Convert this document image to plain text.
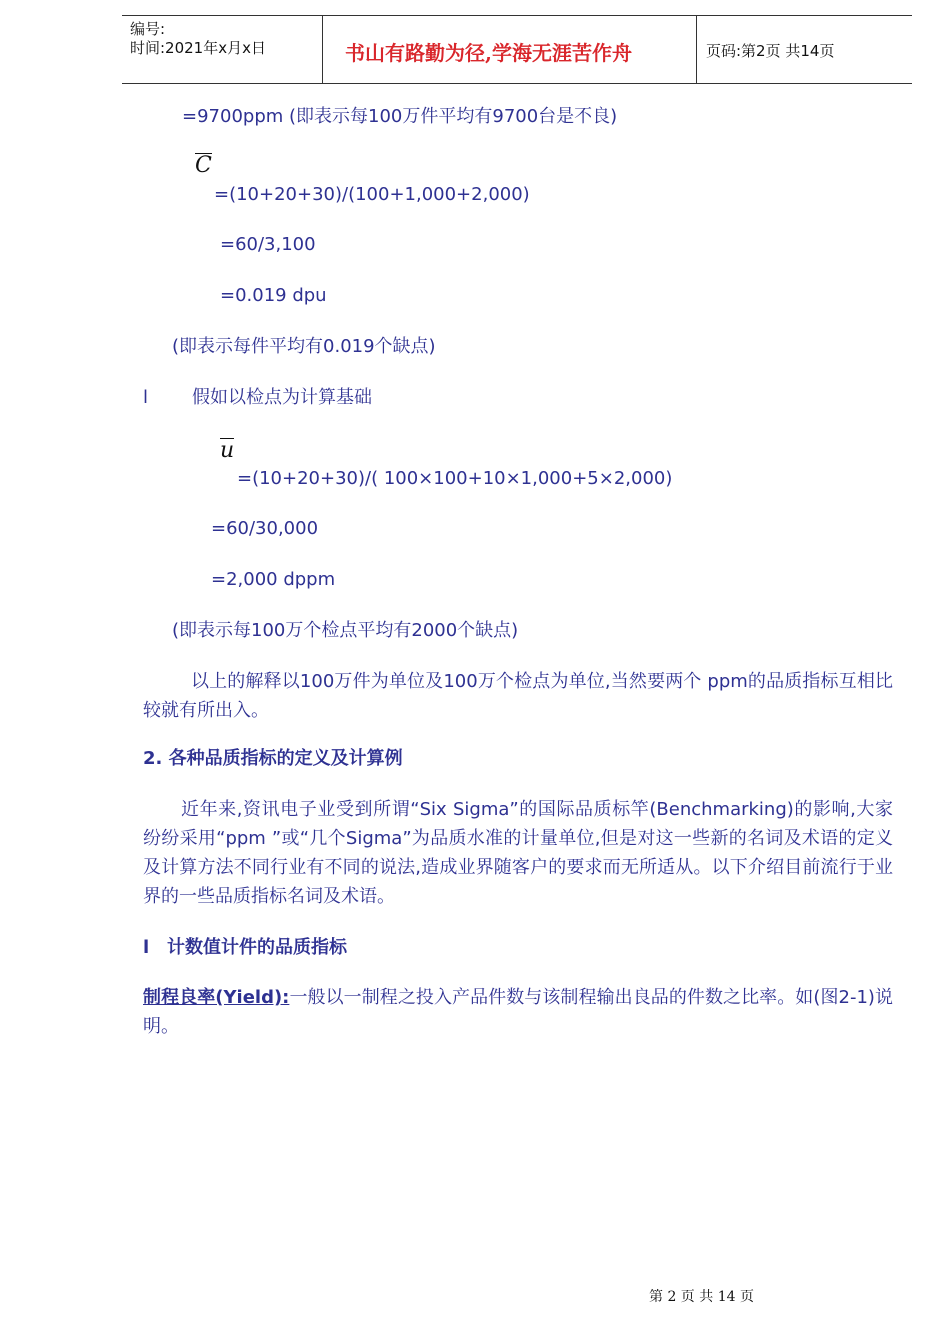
编号:
时间:2021年x月x日	书山有路勤为径,学海无涯苦作舟	页码:第2页 共14页
=9700ppm (即表示每100万件平均有9700台是不良)
C
=(10+20+30)/(100+1,000+2,000)
=60/3,100
=0.019 dpu
(即表示每件平均有0.019个缺点)
l 假如以检点为计算基础
u
=(10+20+30)/( 100×100+10×1,000+5×2,000)
=60/30,000
=2,000 dppm
(即表示每100万个检点平均有2000个缺点)
以上的解释以100万件为单位及100万个检点为单位,当然要两个 ppm的品质指标互相比较就有所出入。
2. 各种品质指标的定义及计算例
近年来,资讯电子业受到所谓“Six Sigma”的国际品质标竿(Benchmarking)的影响,大家纷纷采用“ppm ”或“几个Sigma”为品质水准的计量单位,但是对这一些新的名词及术语的定义及计算方法不同行业有不同的说法,造成业界随客户的要求而无所适从。以下介绍目前流行于业界的一些品质指标名词及术语。
l 计数值计件的品质指标
制程良率(Yield):一般以一制程之投入产品件数与该制程输出良品的件数之比率。如(图2-1)说明。
第 2 页 共 14 页
